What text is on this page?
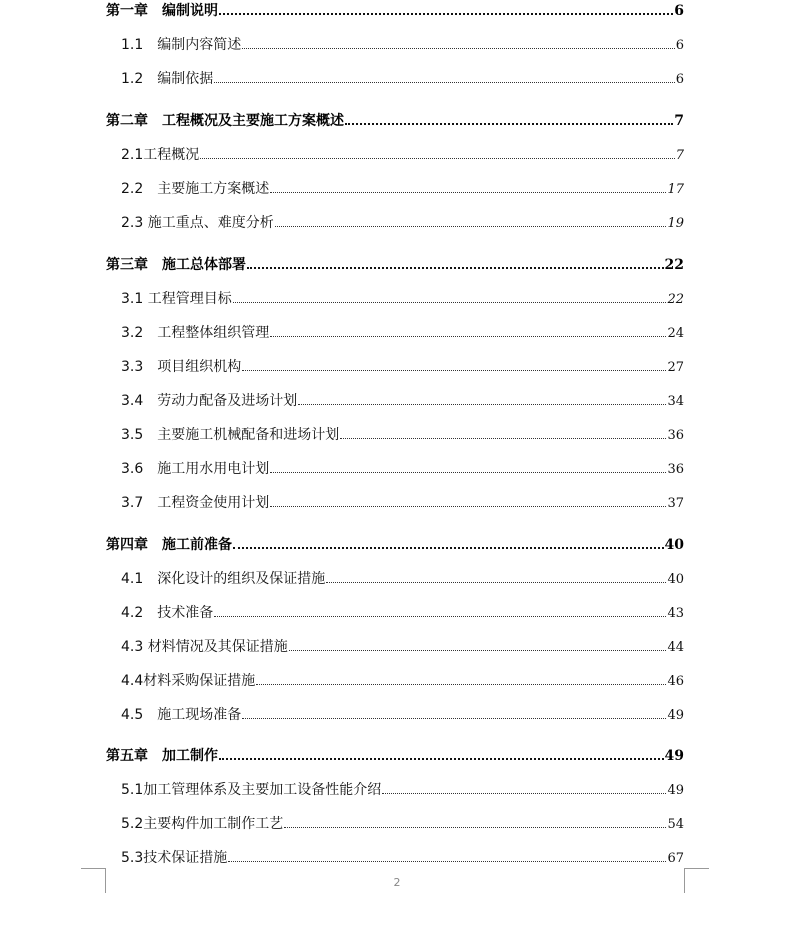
第一章　编制说明	6
1.1　编制内容简述	6
1.2　编制依据	6
第二章　工程概况及主要施工方案概述	7
2.1工程概况	7
2.2　主要施工方案概述	17
2.3 施工重点、难度分析	19
第三章　施工总体部署	22
3.1 工程管理目标	22
3.2　工程整体组织管理	24
3.3　项目组织机构	27
3.4　劳动力配备及进场计划	34
3.5　主要施工机械配备和进场计划	36
3.6　施工用水用电计划	36
3.7　工程资金使用计划	37
第四章　施工前准备	40
4.1　深化设计的组织及保证措施	40
4.2　技术准备	43
4.3 材料情况及其保证措施	44
4.4材料采购保证措施	46
4.5　施工现场准备	49
第五章　加工制作	49
5.1加工管理体系及主要加工设备性能介绍	49
5.2主要构件加工制作工艺	54
5.3技术保证措施	67
2
